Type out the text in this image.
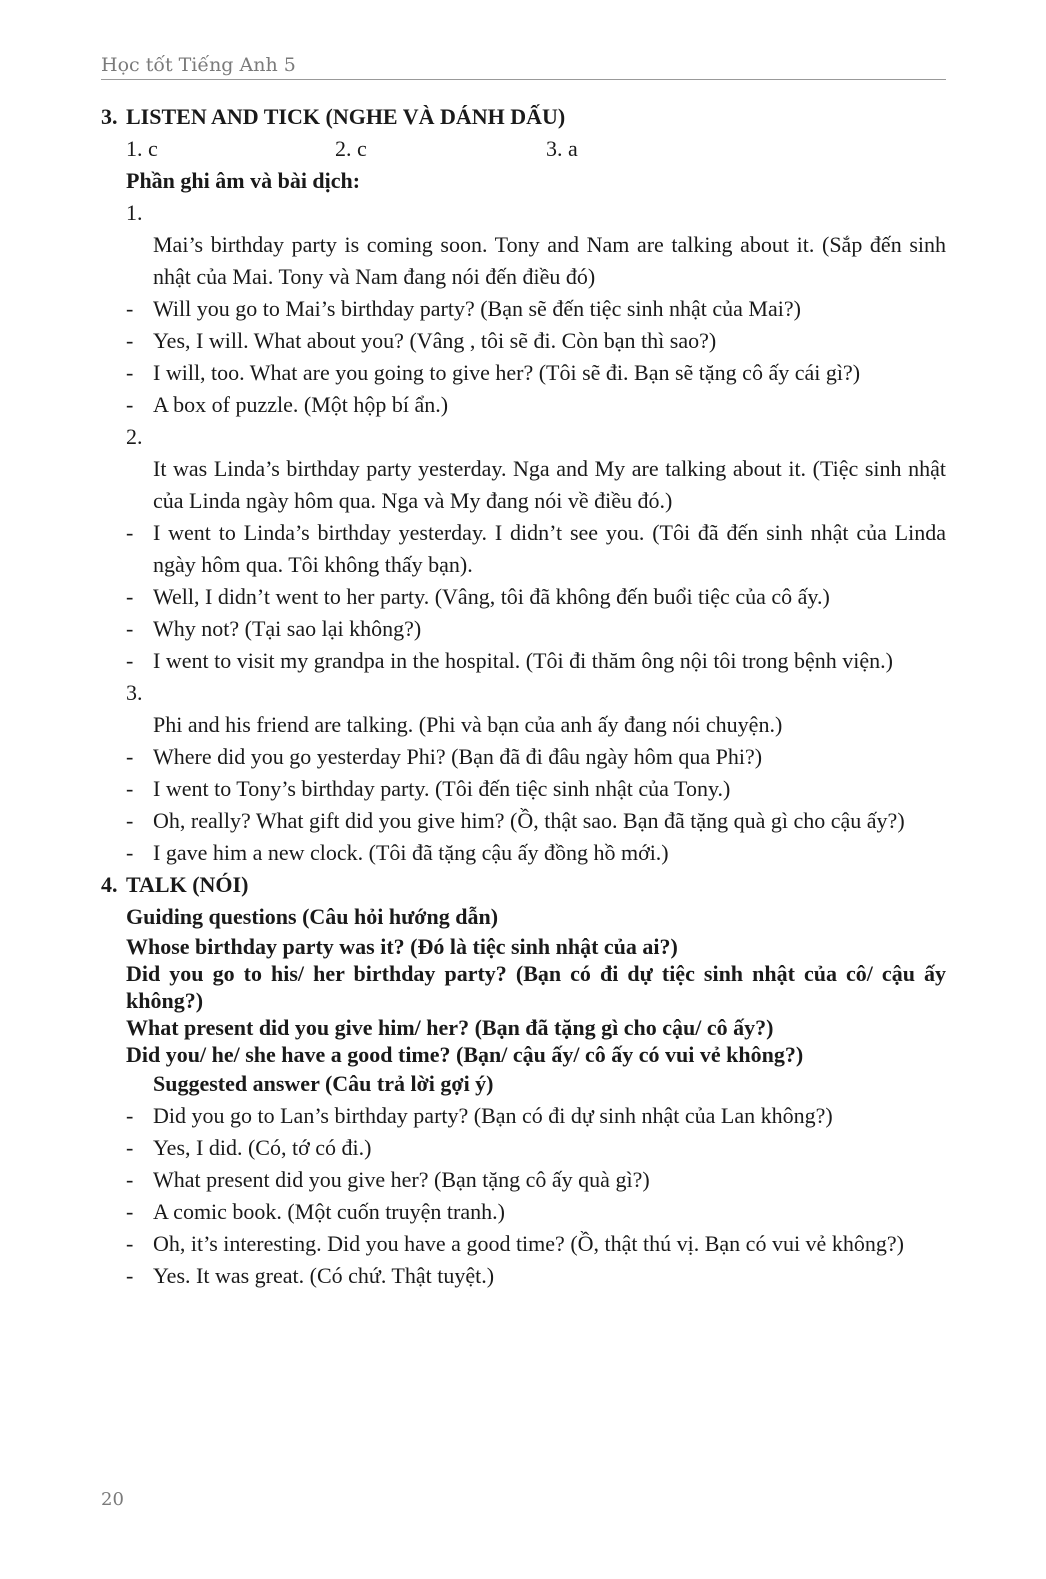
Học tốt Tiếng Anh 5
3. LISTEN AND TICK (NGHE VÀ DÁNH DẤU)
1. c	2. c	3. a
Phần ghi âm và bài dịch:
1.
Mai’s birthday party is coming soon. Tony and Nam are talking about it. (Sắp đến sinh nhật của Mai. Tony và Nam đang nói đến điều đó)
- Will you go to Mai’s birthday party? (Bạn sẽ đến tiệc sinh nhật của Mai?)
- Yes, I will. What about you? (Vâng , tôi sẽ đi. Còn bạn thì sao?)
- I will, too. What are you going to give her? (Tôi sẽ đi. Bạn sẽ tặng cô ấy cái gì?)
- A box of puzzle. (Một hộp bí ẩn.)
2.
It was Linda’s birthday party yesterday. Nga and My are talking about it. (Tiệc sinh nhật của Linda ngày hôm qua. Nga và My đang nói về điều đó.)
- I went to Linda’s birthday yesterday. I didn’t see you. (Tôi đã đến sinh nhật của Linda ngày hôm qua. Tôi không thấy bạn).
- Well, I didn’t went to her party. (Vâng, tôi đã không đến buổi tiệc của cô ấy.)
- Why not? (Tại sao lại không?)
- I went to visit my grandpa in the hospital. (Tôi đi thăm ông nội tôi trong bệnh viện.)
3.
Phi and his friend are talking. (Phi và bạn của anh ấy đang nói chuyện.)
- Where did you go yesterday Phi? (Bạn đã đi đâu ngày hôm qua Phi?)
- I went to Tony’s birthday party. (Tôi đến tiệc sinh nhật của Tony.)
- Oh, really? What gift did you give him? (Ồ, thật sao. Bạn đã tặng quà gì cho cậu ấy?)
- I gave him a new clock. (Tôi đã tặng cậu ấy đồng hồ mới.)
4. TALK (NÓI)
Guiding questions (Câu hỏi hướng dẫn)
Whose birthday party was it? (Đó là tiệc sinh nhật của ai?)
Did you go to his/ her birthday party? (Bạn có đi dự tiệc sinh nhật của cô/ cậu ấy không?)
What present did you give him/ her? (Bạn đã tặng gì cho cậu/ cô ấy?)
Did you/ he/ she have a good time? (Bạn/ cậu ấy/ cô ấy có vui vẻ không?)
Suggested answer (Câu trả lời gợi ý)
- Did you go to Lan’s birthday party? (Bạn có đi dự sinh nhật của Lan không?)
- Yes, I did. (Có, tớ có đi.)
- What present did you give her? (Bạn tặng cô ấy quà gì?)
- A comic book. (Một cuốn truyện tranh.)
- Oh, it’s interesting. Did you have a good time? (Ồ, thật thú vị. Bạn có vui vẻ không?)
- Yes. It was great. (Có chứ. Thật tuyệt.)
20
